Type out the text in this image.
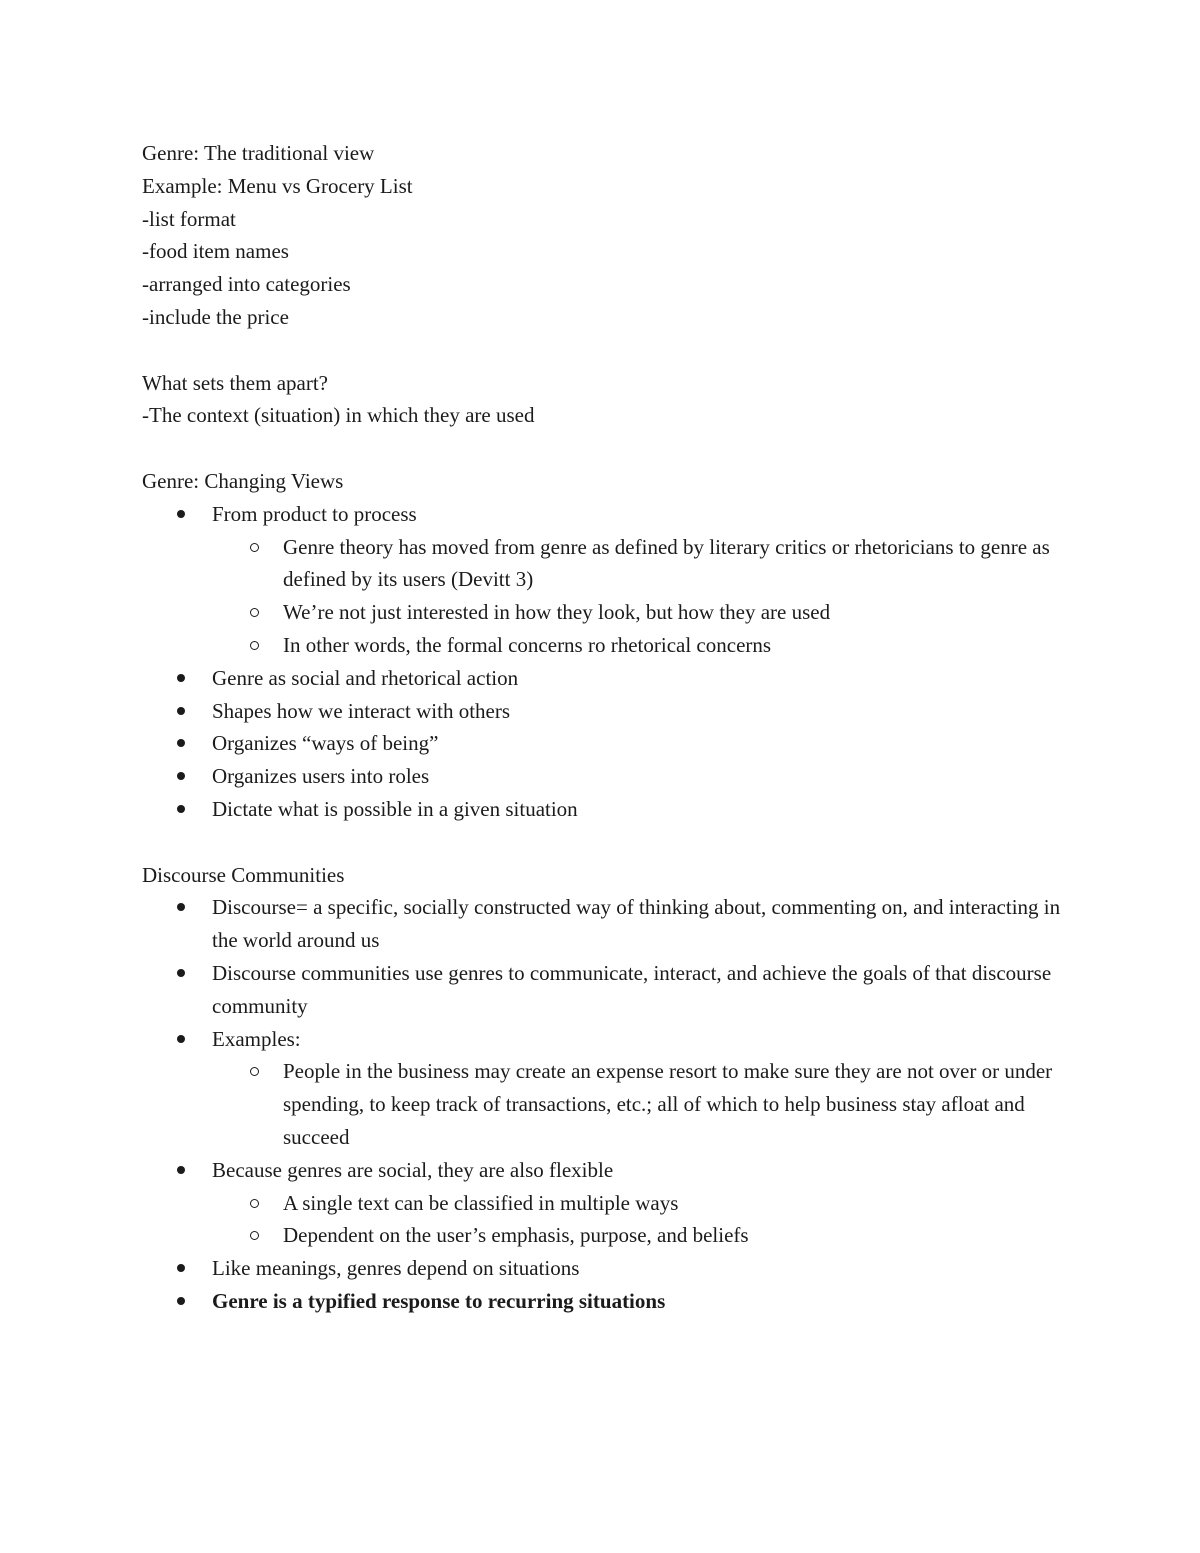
Genre: The traditional view

Example: Menu vs Grocery List

-list format

-food item names

-arranged into categories

-include the price

What sets them apart?

-The context (situation) in which they are used

Genre: Changing Views

From product to process
Genre theory has moved from genre as defined by literary critics or rhetoricians to genre as defined by its users (Devitt 3)
We’re not just interested in how they look, but how they are used
In other words, the formal concerns ro rhetorical concerns
Genre as social and rhetorical action
Shapes how we interact with others
Organizes “ways of being”
Organizes users into roles
Dictate what is possible in a given situation

Discourse Communities

Discourse= a specific, socially constructed way of thinking about, commenting on, and interacting in the world around us
Discourse communities use genres to communicate, interact, and achieve the goals of that discourse community
Examples:
People in the business may create an expense resort to make sure they are not over or under spending, to keep track of transactions, etc.; all of which to help business stay afloat and succeed
Because genres are social, they are also flexible
A single text can be classified in multiple ways
Dependent on the user’s emphasis, purpose, and beliefs
Like meanings, genres depend on situations
Genre is a typified response to recurring situations
